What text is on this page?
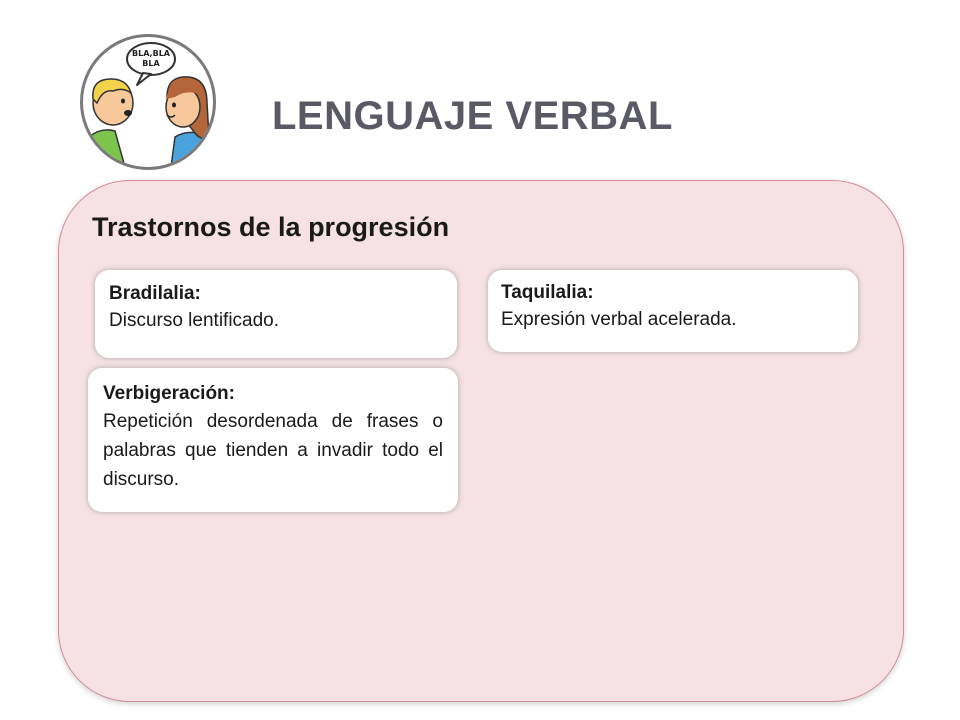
BLA,BLA
BLA
LENGUAJE VERBAL
Trastornos de la progresión
Bradilalia:
Discurso lentificado.
Taquilalia:
Expresión verbal acelerada.
Verbigeración:
Repetición desordenada de frases o palabras que tienden a invadir todo el discurso.
